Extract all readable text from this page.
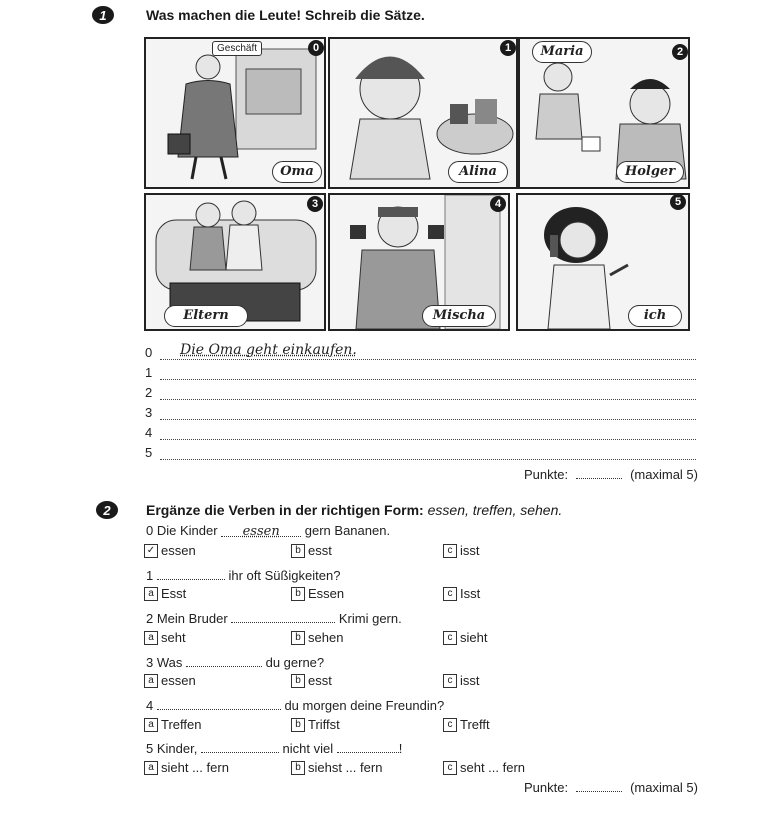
1	Was machen die Leute! Schreib die Sätze.
Geschäft
Oma
0
Alina
1	Maria
Holger
2
Eltern
3
Mischa
4
ich
5
0 Die Oma geht einkaufen.
1
2
3
4
5
Punkte:	(maximal 5)
2	Ergänze die Verben in der richtigen Form: essen, treffen, sehen.
0 Die Kinder essen gern Bananen.
✓ essen	b esst	c isst
1	ihr oft Süßigkeiten?
a Esst	b Essen	c Isst
2 Mein Bruder	Krimi gern.
a seht	b sehen	c sieht
3 Was	du gerne?
a essen	b esst	c isst
4	du morgen deine Freundin?
a Treffen	b Triffst	c Trefft
5 Kinder,	nicht viel	!
a sieht ... fern	b siehst ... fern	c seht ... fern
Punkte:	(maximal 5)
